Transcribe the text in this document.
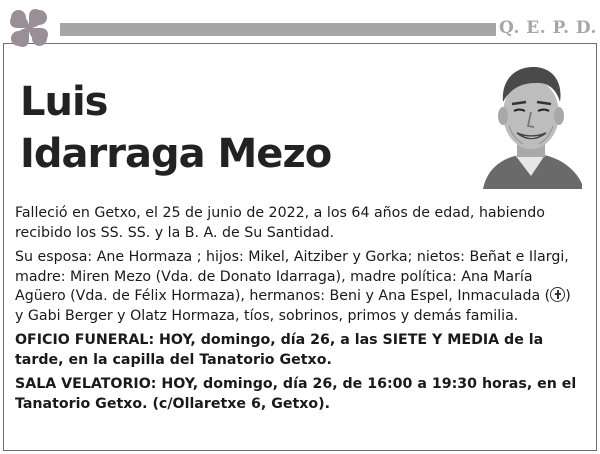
Q. E. P. D.
Luis
Idarraga Mezo

Falleció en Getxo, el 25 de junio de 2022, a los 64 años de edad, habiendo recibido los SS. SS. y la B. A. de Su Santidad.

Su esposa: Ane Hormaza ; hijos: Mikel, Aitziber y Gorka; nietos: Beñat e Ilargi, madre: Miren Mezo (Vda. de Donato Idarraga), madre política: Ana María Agüero (Vda. de Félix Hormaza), hermanos: Beni y Ana Espel, Inmaculada ( ) y Gabi Berger y Olatz Hormaza, tíos, sobrinos, primos y demás familia.

OFICIO FUNERAL: HOY, domingo, día 26, a las SIETE Y MEDIA de la tarde, en la capilla del Tanatorio Getxo.

SALA VELATORIO: HOY, domingo, día 26, de 16:00 a 19:30 horas, en el Tanatorio Getxo. (c/Ollaretxe 6, Getxo).
